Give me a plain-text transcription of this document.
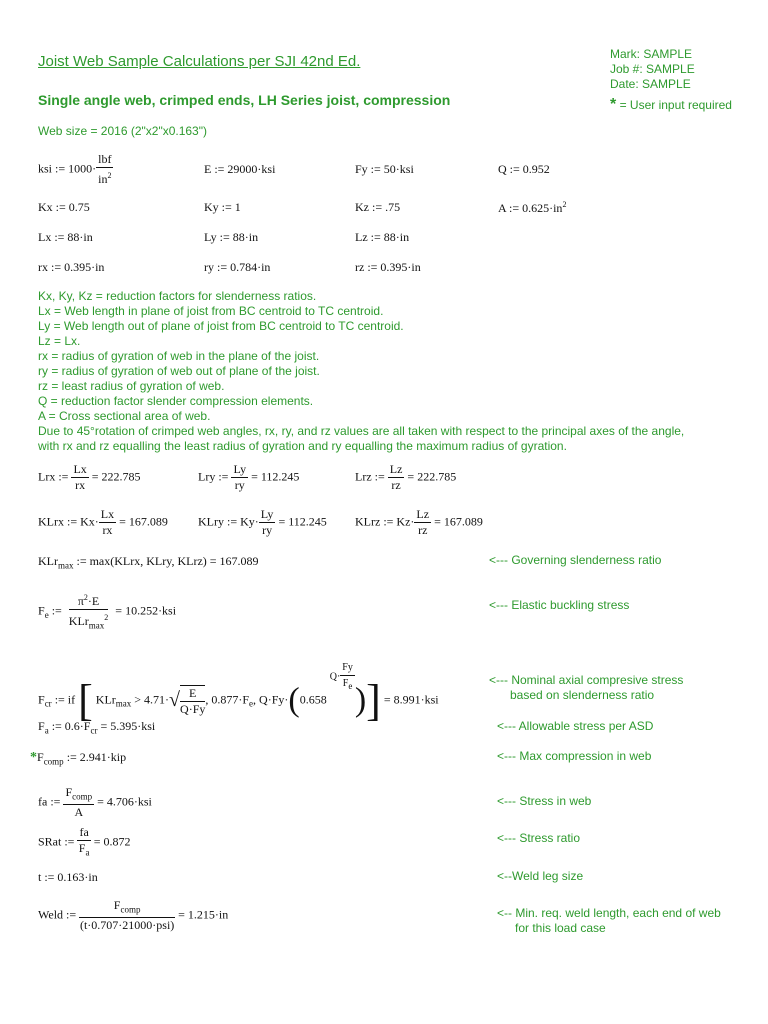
Joist Web Sample Calculations per SJI 42nd Ed.
Single angle web, crimped ends, LH Series joist, compression
Web size = 2016 (2"x2"x0.163")
Mark: SAMPLE
Job #: SAMPLE
Date: SAMPLE
* = User input required
ksi := $1000\cdot \frac{\text{lbf}}{in^2}$	E := 29000·ksi	Fy := 50·ksi	Q := 0.952
Kx := 0.75	Ky := 1	Kz := .75	A := $0.625\cdot in^2$
Lx := 88·in	Ly := 88·in	Lz := 88·in
rx := 0.395·in	ry := 0.784·in	rz := 0.395·in
Kx, Ky, Kz = reduction factors for slenderness ratios.
Lx = Web length in plane of joist from BC centroid to TC centroid.
Ly = Web length out of plane of joist from BC centroid to TC centroid.
Lz = Lx.
rx = radius of gyration of web in the plane of the joist.
ry = radius of gyration of web out of plane of the joist.
rz = least radius of gyration of web.
Q = reduction factor slender compression elements.
A = Cross sectional area of web.
Due to 45°rotation of crimped web angles, rx, ry, and rz values are all taken with respect to the principal axes of the angle,
with rx and rz equalling the least radius of gyration and ry equalling the maximum radius of gyration.
Lrx := $\frac{Lx}{rx} = 222.785$	Lry := $\frac{Ly}{ry} = 112.245$	Lrz := $\frac{Lz}{rz} = 222.785$
KLrx := $Kx\cdot \frac{Lx}{rx} = 167.089$	KLry := $Ky\cdot \frac{Ly}{ry} = 112.245$ KLrz := $Kz\cdot \frac{Lz}{rz} = 167.089$
KLr$_{max}$ := max(KLrx, KLry, KLrz) = 167.089	<--- Governing slenderness ratio
$F_e$ := $\frac{\pi^2\cdot E}{KLr_{max}^2} = 10.252\cdot ksi$	<--- Elastic buckling stress
$F_{cr}$ := if [ $KLr_{max} > 4.71\cdot√ \frac{E}{Q\cdot Fy}$ , $0.877\cdot F_e$, Q·Fy·(0.658 $Q\cdot \frac{Fy}{F_e}$
)] = 8.991·ksi
<--- Nominal axial compresive stress
based on slenderness ratio
$F_a$ := $0.6\cdot F_{cr} = 5.395\cdot ksi$	<--- Allowable stress per ASD
$*F_{comp}$ := 2.941·kip	<--- Max compression in web
fa := $\frac{F_{comp}}{A} = 4.706\cdot ksi$	<--- Stress in web
SRat := $\frac{fa}{F_a} = 0.872$	<--- Stress ratio
t := 0.163·in	<--Weld leg size
Weld := $\frac{F_{comp}}{\text{(t·0.707·21000·psi)}} = 1.215\cdot in$	<-- Min. req. weld length, each end of web
for this load case
